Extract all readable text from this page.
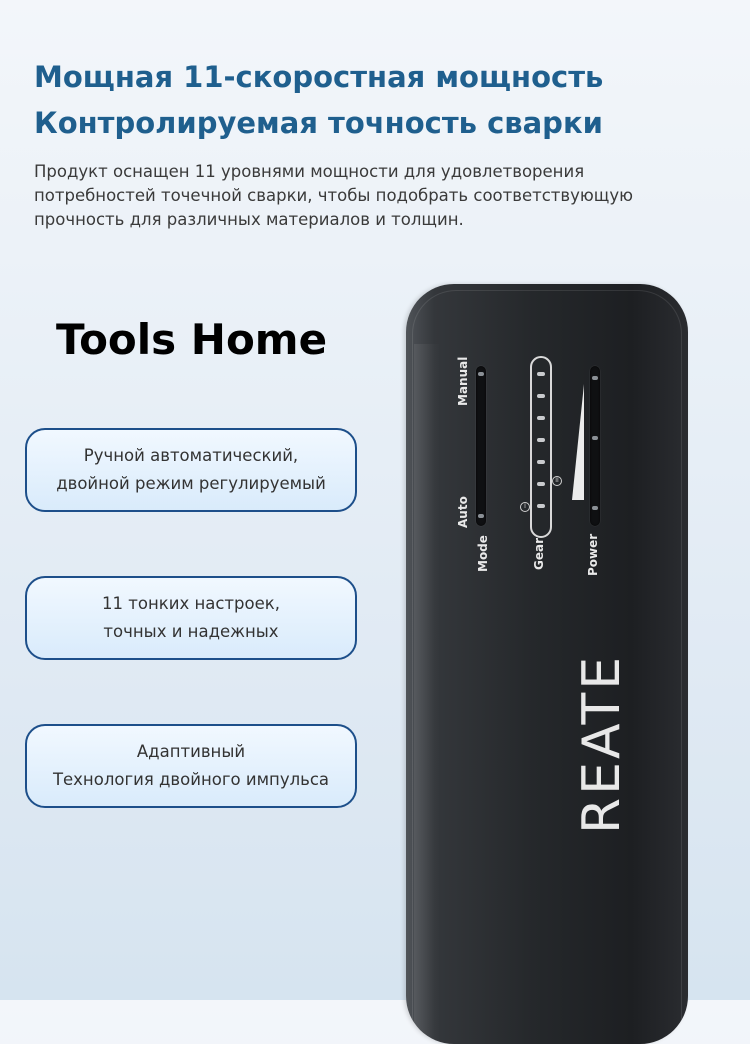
Мощная 11-скоростная мощность
Контролируемая точность сварки

Продукт оснащен 11 уровнями мощности для удовлетворения
потребностей точечной сварки, чтобы подобрать соответствующую
прочность для различных материалов и толщин.

Tools Home
Ручной автоматический,
двойной режим регулируемый
11 тонких настроек,
точных и надежных
Адаптивный
Технология двойного импульса
Manual
Auto
Mode
I
II
Gear	Power
REATE
